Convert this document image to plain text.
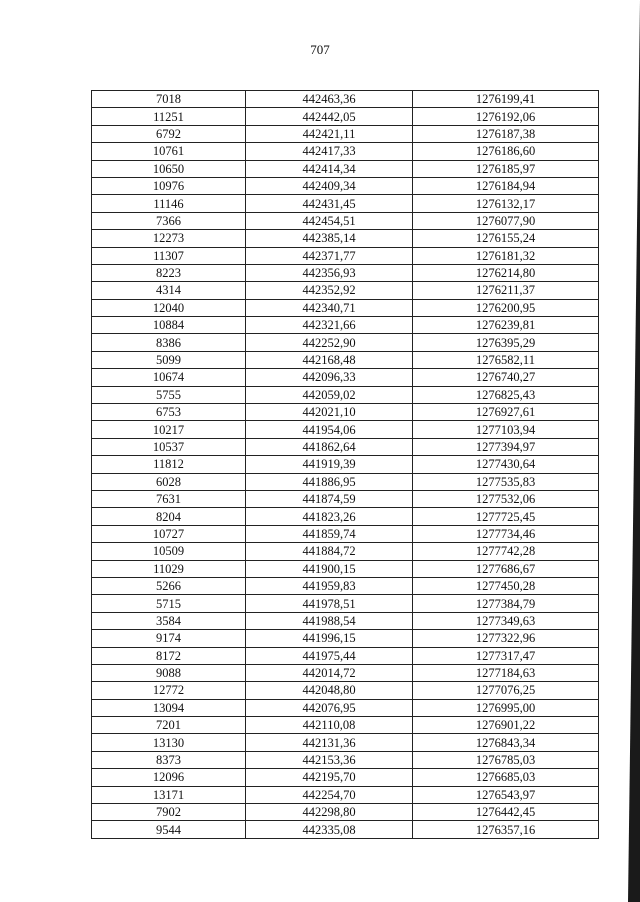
707
7018	442463,36	1276199,41
11251	442442,05	1276192,06
6792	442421,11	1276187,38
10761	442417,33	1276186,60
10650	442414,34	1276185,97
10976	442409,34	1276184,94
11146	442431,45	1276132,17
7366	442454,51	1276077,90
12273	442385,14	1276155,24
11307	442371,77	1276181,32
8223	442356,93	1276214,80
4314	442352,92	1276211,37
12040	442340,71	1276200,95
10884	442321,66	1276239,81
8386	442252,90	1276395,29
5099	442168,48	1276582,11
10674	442096,33	1276740,27
5755	442059,02	1276825,43
6753	442021,10	1276927,61
10217	441954,06	1277103,94
10537	441862,64	1277394,97
11812	441919,39	1277430,64
6028	441886,95	1277535,83
7631	441874,59	1277532,06
8204	441823,26	1277725,45
10727	441859,74	1277734,46
10509	441884,72	1277742,28
11029	441900,15	1277686,67
5266	441959,83	1277450,28
5715	441978,51	1277384,79
3584	441988,54	1277349,63
9174	441996,15	1277322,96
8172	441975,44	1277317,47
9088	442014,72	1277184,63
12772	442048,80	1277076,25
13094	442076,95	1276995,00
7201	442110,08	1276901,22
13130	442131,36	1276843,34
8373	442153,36	1276785,03
12096	442195,70	1276685,03
13171	442254,70	1276543,97
7902	442298,80	1276442,45
9544	442335,08	1276357,16
